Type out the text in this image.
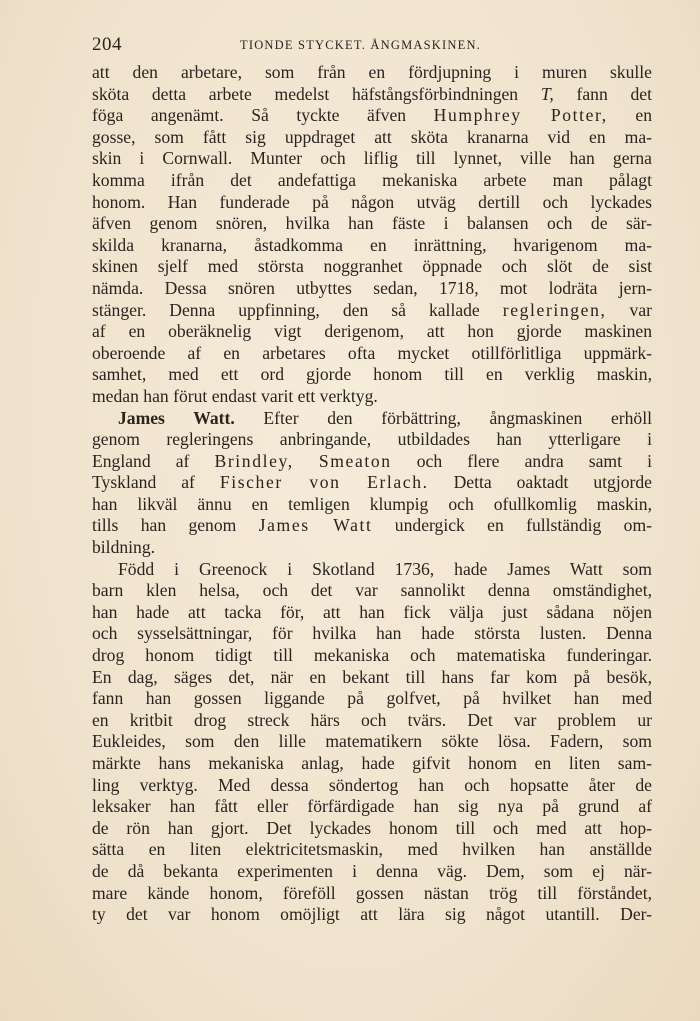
204	TIONDE STYCKET. ÅNGMASKINEN.
att den arbetare, som från en fördjupning i muren skulle
sköta detta arbete medelst häfstångsförbindningen T, fann det
föga angenämt. Så tyckte äfven Humphrey Potter, en
gosse, som fått sig uppdraget att sköta kranarna vid en ma-
skin i Cornwall. Munter och liflig till lynnet, ville han gerna
komma ifrån det andefattiga mekaniska arbete man pålagt
honom. Han funderade på någon utväg dertill och lyckades
äfven genom snören, hvilka han fäste i balansen och de sär-
skilda kranarna, åstadkomma en inrättning, hvarigenom ma-
skinen sjelf med största noggranhet öppnade och slöt de sist
nämda. Dessa snören utbyttes sedan, 1718, mot lodräta jern-
stänger. Denna uppfinning, den så kallade regleringen, var
af en oberäknelig vigt derigenom, att hon gjorde maskinen
oberoende af en arbetares ofta mycket otillförlitliga uppmärk-
samhet, med ett ord gjorde honom till en verklig maskin,
medan han förut endast varit ett verktyg.
James Watt. Efter den förbättring, ångmaskinen erhöll
genom regleringens anbringande, utbildades han ytterligare i
England af Brindley, Smeaton och flere andra samt i
Tyskland af Fischer von Erlach. Detta oaktadt utgjorde
han likväl ännu en temligen klumpig och ofullkomlig maskin,
tills han genom James Watt undergick en fullständig om-
bildning.
Född i Greenock i Skotland 1736, hade James Watt som
barn klen helsa, och det var sannolikt denna omständighet,
han hade att tacka för, att han fick välja just sådana nöjen
och sysselsättningar, för hvilka han hade största lusten. Denna
drog honom tidigt till mekaniska och matematiska funderingar.
En dag, säges det, när en bekant till hans far kom på besök,
fann han gossen liggande på golfvet, på hvilket han med
en kritbit drog streck härs och tvärs. Det var problem ur
Eukleides, som den lille matematikern sökte lösa. Fadern, som
märkte hans mekaniska anlag, hade gifvit honom en liten sam-
ling verktyg. Med dessa söndertog han och hopsatte åter de
leksaker han fått eller förfärdigade han sig nya på grund af
de rön han gjort. Det lyckades honom till och med att hop-
sätta en liten elektricitetsmaskin, med hvilken han anställde
de då bekanta experimenten i denna väg. Dem, som ej när-
mare kände honom, föreföll gossen nästan trög till förståndet,
ty det var honom omöjligt att lära sig något utantill. Der-
